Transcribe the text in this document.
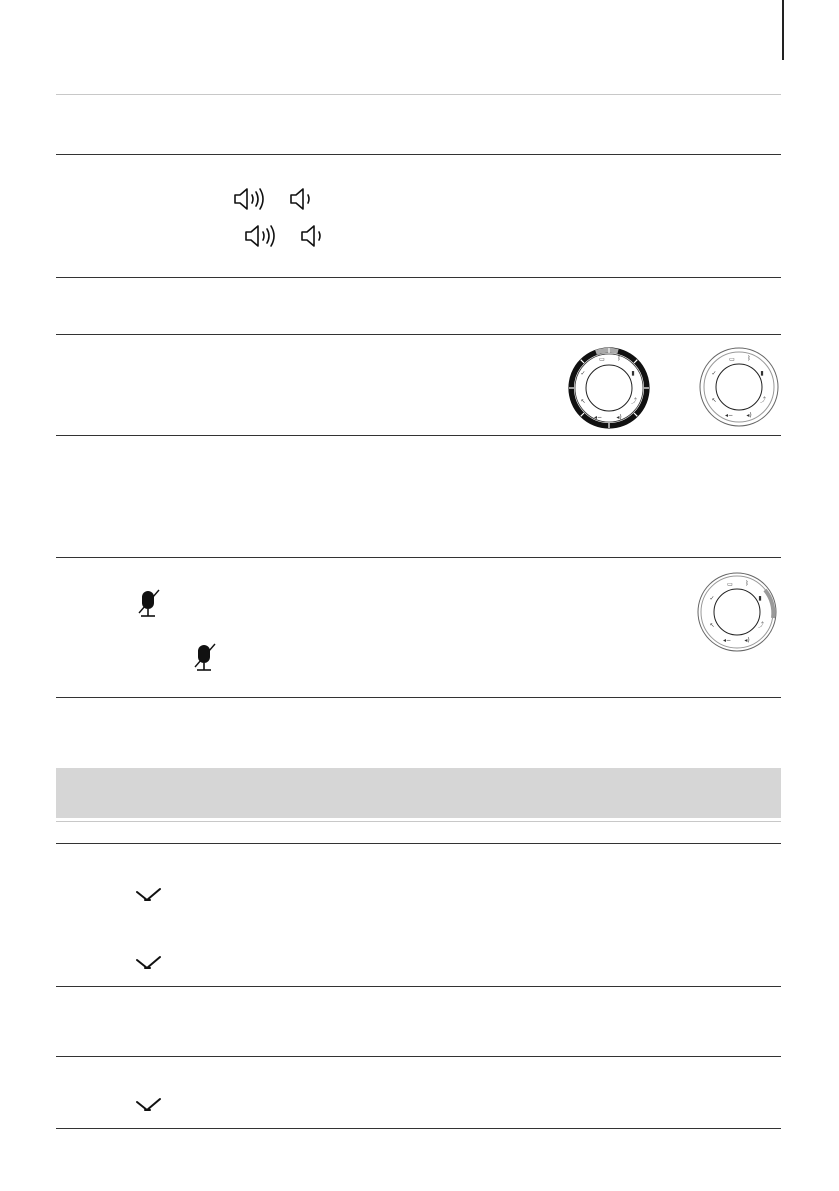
▭ ᛒ
▮
⤴
◂)
◂−
↖
✓
▭ ᛒ
▮
⤴
◂)
◂−
↖
✓
▭ ᛒ
▮
⤴
◂)
◂−
↖
✓
